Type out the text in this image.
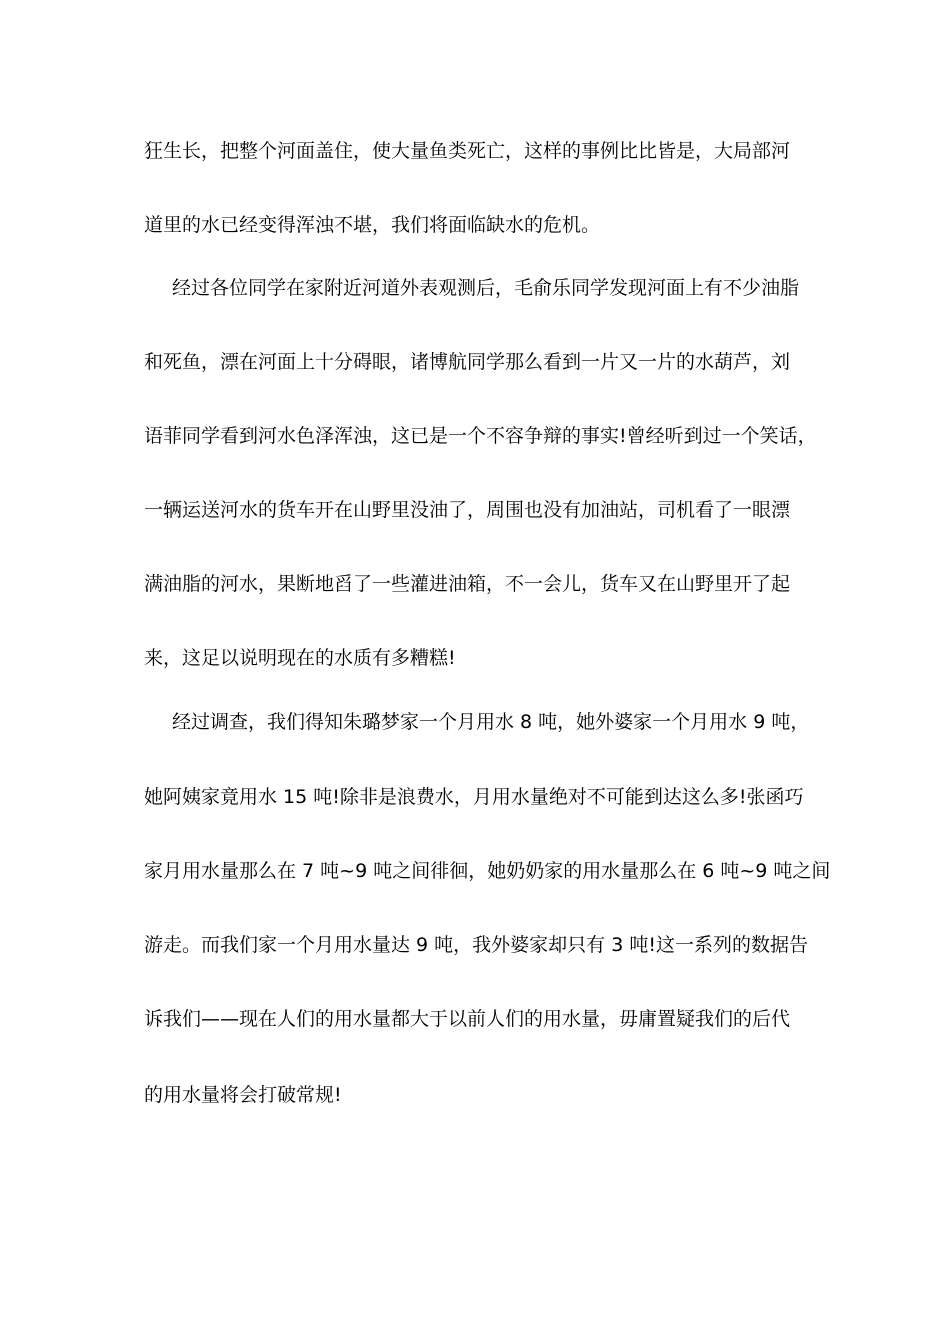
狂生长，把整个河面盖住，使大量鱼类死亡，这样的事例比比皆是，大局部河
道里的水已经变得浑浊不堪，我们将面临缺水的危机。
经过各位同学在家附近河道外表观测后，毛俞乐同学发现河面上有不少油脂
和死鱼，漂在河面上十分碍眼，诸博航同学那么看到一片又一片的水葫芦，刘
语菲同学看到河水色泽浑浊，这已是一个不容争辩的事实!曾经听到过一个笑话，
一辆运送河水的货车开在山野里没油了，周围也没有加油站，司机看了一眼漂
满油脂的河水，果断地舀了一些灌进油箱，不一会儿，货车又在山野里开了起
来，这足以说明现在的水质有多糟糕!
经过调查，我们得知朱璐梦家一个月用水 8 吨，她外婆家一个月用水 9 吨，
她阿姨家竟用水 15 吨!除非是浪费水，月用水量绝对不可能到达这么多!张函巧
家月用水量那么在 7 吨~9 吨之间徘徊，她奶奶家的用水量那么在 6 吨~9 吨之间
游走。而我们家一个月用水量达 9 吨，我外婆家却只有 3 吨!这一系列的数据告
诉我们——现在人们的用水量都大于以前人们的用水量，毋庸置疑我们的后代
的用水量将会打破常规!
